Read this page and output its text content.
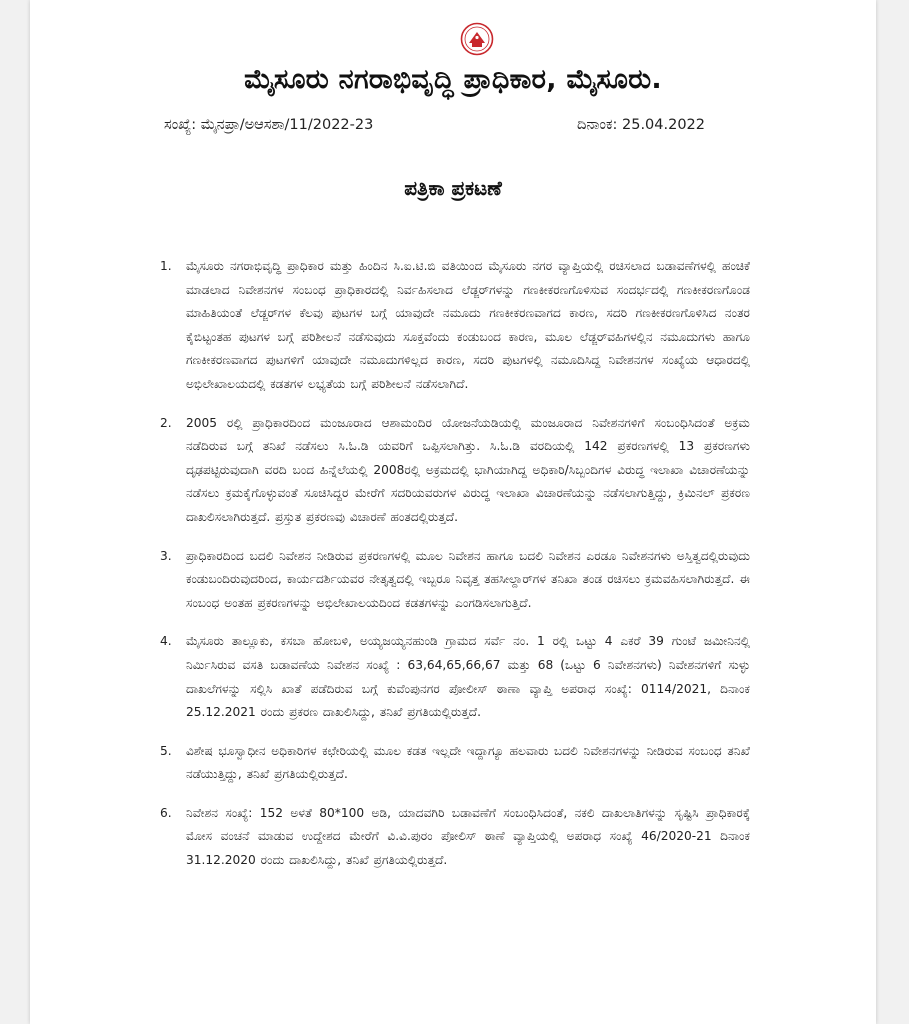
ಮೈಸೂರು ನಗರಾಭಿವೃದ್ಧಿ ಪ್ರಾಧಿಕಾರ, ಮೈಸೂರು.
ಸಂಖ್ಯೆ: ಮೈನಪ್ರಾ/ಅಆಸಶಾ/11/2022-23	ದಿನಾಂಕ: 25.04.2022
ಪತ್ರಿಕಾ ಪ್ರಕಟಣೆ
1.	ಮೈಸೂರು ನಗರಾಭಿವೃದ್ಧಿ ಪ್ರಾಧಿಕಾರ ಮತ್ತು ಹಿಂದಿನ ಸಿ.ಐ.ಟಿ.ಬಿ ವತಿಯಿಂದ ಮೈಸೂರು ನಗರ ವ್ಯಾಪ್ತಿಯಲ್ಲಿ ರಚಿಸಲಾದ ಬಡಾವಣೆಗಳಲ್ಲಿ ಹಂಚಿಕೆ ಮಾಡಲಾದ ನಿವೇಶನಗಳ ಸಂಬಂಧ ಪ್ರಾಧಿಕಾರದಲ್ಲಿ ನಿರ್ವಹಿಸಲಾದ ಲೆಡ್ಜರ್‌ಗಳನ್ನು ಗಣಕೀಕರಣಗೊಳಿಸುವ ಸಂದರ್ಭದಲ್ಲಿ ಗಣಕೀಕರಣಗೊಂಡ ಮಾಹಿತಿಯಂತೆ ಲೆಡ್ಜರ್‌ಗಳ ಕೆಲವು ಪುಟಗಳ ಬಗ್ಗೆ ಯಾವುದೇ ನಮೂದು ಗಣಕೀಕರಣವಾಗದ ಕಾರಣ, ಸದರಿ ಗಣಕೀಕರಣಗೊಳಿಸಿದ ನಂತರ ಕೈಬಿಟ್ಟಂತಹ ಪುಟಗಳ ಬಗ್ಗೆ ಪರಿಶೀಲನೆ ನಡೆಸುವುದು ಸೂಕ್ತವೆಂದು ಕಂಡುಬಂದ ಕಾರಣ, ಮೂಲ ಲೆಡ್ಜರ್‌ವಹಿಗಳಲ್ಲಿನ ನಮೂದುಗಳು ಹಾಗೂ ಗಣಕೀಕರಣವಾಗದ ಪುಟಗಳಿಗೆ ಯಾವುದೇ ನಮೂದುಗಳಿಲ್ಲದ ಕಾರಣ, ಸದರಿ ಪುಟಗಳಲ್ಲಿ ನಮೂದಿಸಿದ್ದ ನಿವೇಶನಗಳ ಸಂಖ್ಯೆಯ ಆಧಾರದಲ್ಲಿ ಅಭಿಲೇಖಾಲಯದಲ್ಲಿ ಕಡತಗಳ ಲಭ್ಯತೆಯ ಬಗ್ಗೆ ಪರಿಶೀಲನೆ ನಡೆಸಲಾಗಿದೆ.
2.	2005 ರಲ್ಲಿ ಪ್ರಾಧಿಕಾರದಿಂದ ಮಂಜೂರಾದ ಆಶಾಮಂದಿರ ಯೋಜನೆಯಡಿಯಲ್ಲಿ ಮಂಜೂರಾದ ನಿವೇಶನಗಳಿಗೆ ಸಂಬಂಧಿಸಿದಂತೆ ಅಕ್ರಮ ನಡೆದಿರುವ ಬಗ್ಗೆ ತನಿಖೆ ನಡೆಸಲು ಸಿ.ಓ.ಡಿ ಯವರಿಗೆ ಒಪ್ಪಿಸಲಾಗಿತ್ತು. ಸಿ.ಓ.ಡಿ ವರದಿಯಲ್ಲಿ 142 ಪ್ರಕರಣಗಳಲ್ಲಿ 13 ಪ್ರಕರಣಗಳು ದೃಢಪಟ್ಟಿರುವುದಾಗಿ ವರದಿ ಬಂದ ಹಿನ್ನೆಲೆಯಲ್ಲಿ 2008ರಲ್ಲಿ ಅಕ್ರಮದಲ್ಲಿ ಭಾಗಿಯಾಗಿದ್ದ ಅಧಿಕಾರಿ/ಸಿಬ್ಬಂದಿಗಳ ವಿರುದ್ಧ ಇಲಾಖಾ ವಿಚಾರಣೆಯನ್ನು ನಡೆಸಲು ಕ್ರಮಕೈಗೊಳ್ಳುವಂತೆ ಸೂಚಿಸಿದ್ದರ ಮೇರೆಗೆ ಸದರಿಯವರುಗಳ ವಿರುದ್ಧ ಇಲಾಖಾ ವಿಚಾರಣೆಯನ್ನು ನಡೆಸಲಾಗುತ್ತಿದ್ದು, ಕ್ರಿಮಿನಲ್ ಪ್ರಕರಣ ದಾಖಲಿಸಲಾಗಿರುತ್ತದೆ. ಪ್ರಸ್ತುತ ಪ್ರಕರಣವು ವಿಚಾರಣೆ ಹಂತದಲ್ಲಿರುತ್ತದೆ.
3.	ಪ್ರಾಧಿಕಾರದಿಂದ ಬದಲಿ ನಿವೇಶನ ನೀಡಿರುವ ಪ್ರಕರಣಗಳಲ್ಲಿ ಮೂಲ ನಿವೇಶನ ಹಾಗೂ ಬದಲಿ ನಿವೇಶನ ಎರಡೂ ನಿವೇಶನಗಳು ಅಸ್ತಿತ್ವದಲ್ಲಿರುವುದು ಕಂಡುಬಂದಿರುವುದರಿಂದ, ಕಾರ್ಯದರ್ಶಿಯವರ ನೇತೃತ್ವದಲ್ಲಿ ಇಬ್ಬರೂ ನಿವೃತ್ತ ತಹಸೀಲ್ದಾರ್‌ಗಳ ತನಿಖಾ ತಂಡ ರಚಿಸಲು ಕ್ರಮವಹಿಸಲಾಗಿರುತ್ತದೆ. ಈ ಸಂಬಂಧ ಅಂತಹ ಪ್ರಕರಣಗಳನ್ನು ಅಭಿಲೇಖಾಲಯದಿಂದ ಕಡತಗಳನ್ನು ಎಂಗಡಿಸಲಾಗುತ್ತಿದೆ.
4.	ಮೈಸೂರು ತಾಲ್ಲೂಕು, ಕಸಬಾ ಹೋಬಳಿ, ಅಯ್ಯಜಯ್ಯನಹುಂಡಿ ಗ್ರಾಮದ ಸರ್ವೆ ನಂ. 1 ರಲ್ಲಿ ಒಟ್ಟು 4 ಎಕರೆ 39 ಗುಂಟೆ ಜಮೀನಿನಲ್ಲಿ ನಿರ್ಮಿಸಿರುವ ವಸತಿ ಬಡಾವಣೆಯ ನಿವೇಶನ ಸಂಖ್ಯೆ : 63,64,65,66,67 ಮತ್ತು 68 (ಒಟ್ಟು 6 ನಿವೇಶನಗಳು) ನಿವೇಶನಗಳಿಗೆ ಸುಳ್ಳು ದಾಖಲೆಗಳನ್ನು ಸಲ್ಲಿಸಿ ಖಾತೆ ಪಡೆದಿರುವ ಬಗ್ಗೆ ಕುವೆಂಪುನಗರ ಪೋಲೀಸ್ ಠಾಣಾ ವ್ಯಾಪ್ತಿ ಅಪರಾಧ ಸಂಖ್ಯೆ: 0114/2021, ದಿನಾಂಕ 25.12.2021 ರಂದು ಪ್ರಕರಣ ದಾಖಲಿಸಿದ್ದು, ತನಿಖೆ ಪ್ರಗತಿಯಲ್ಲಿರುತ್ತದೆ.
5.	ವಿಶೇಷ ಭೂಸ್ವಾಧೀನ ಅಧಿಕಾರಿಗಳ ಕಛೇರಿಯಲ್ಲಿ ಮೂಲ ಕಡತ ಇಲ್ಲದೇ ಇದ್ದಾಗ್ಯೂ ಹಲವಾರು ಬದಲಿ ನಿವೇಶನಗಳನ್ನು ನೀಡಿರುವ ಸಂಬಂಧ ತನಿಖೆ ನಡೆಯುತ್ತಿದ್ದು, ತನಿಖೆ ಪ್ರಗತಿಯಲ್ಲಿರುತ್ತದೆ.
6.	ನಿವೇಶನ ಸಂಖ್ಯೆ: 152 ಅಳತೆ 80*100 ಅಡಿ, ಯಾದವಗಿರಿ ಬಡಾವಣೆಗೆ ಸಂಬಂಧಿಸಿದಂತೆ, ನಕಲಿ ದಾಖಲಾತಿಗಳನ್ನು ಸೃಷ್ಟಿಸಿ ಪ್ರಾಧಿಕಾರಕ್ಕೆ ಮೋಸ ವಂಚನೆ ಮಾಡುವ ಉದ್ದೇಶದ ಮೇರೆಗೆ ವಿ.ವಿ.ಪುರಂ ಪೋಲಿಸ್ ಠಾಣೆ ವ್ಯಾಪ್ತಿಯಲ್ಲಿ ಅಪರಾಧ ಸಂಖ್ಯೆ 46/2020-21 ದಿನಾಂಕ 31.12.2020 ರಂದು ದಾಖಲಿಸಿದ್ದು, ತನಿಖೆ ಪ್ರಗತಿಯಲ್ಲಿರುತ್ತದೆ.
